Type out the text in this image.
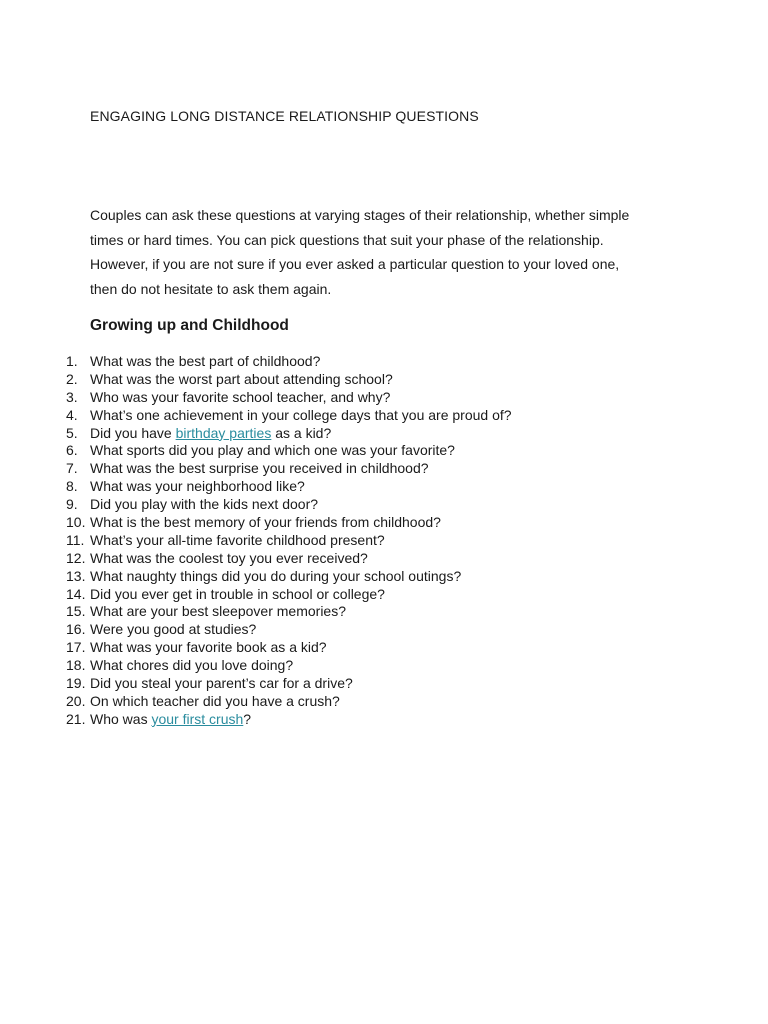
ENGAGING LONG DISTANCE RELATIONSHIP QUESTIONS
Couples can ask these questions at varying stages of their relationship, whether simple
times or hard times. You can pick questions that suit your phase of the relationship.
However, if you are not sure if you ever asked a particular question to your loved one,
then do not hesitate to ask them again.
Growing up and Childhood
1. What was the best part of childhood?
2. What was the worst part about attending school?
3. Who was your favorite school teacher, and why?
4. What’s one achievement in your college days that you are proud of?
5. Did you have birthday parties as a kid?
6. What sports did you play and which one was your favorite?
7. What was the best surprise you received in childhood?
8. What was your neighborhood like?
9. Did you play with the kids next door?
10. What is the best memory of your friends from childhood?
11. What’s your all-time favorite childhood present?
12. What was the coolest toy you ever received?
13. What naughty things did you do during your school outings?
14. Did you ever get in trouble in school or college?
15. What are your best sleepover memories?
16. Were you good at studies?
17. What was your favorite book as a kid?
18. What chores did you love doing?
19. Did you steal your parent’s car for a drive?
20. On which teacher did you have a crush?
21. Who was your first crush?
